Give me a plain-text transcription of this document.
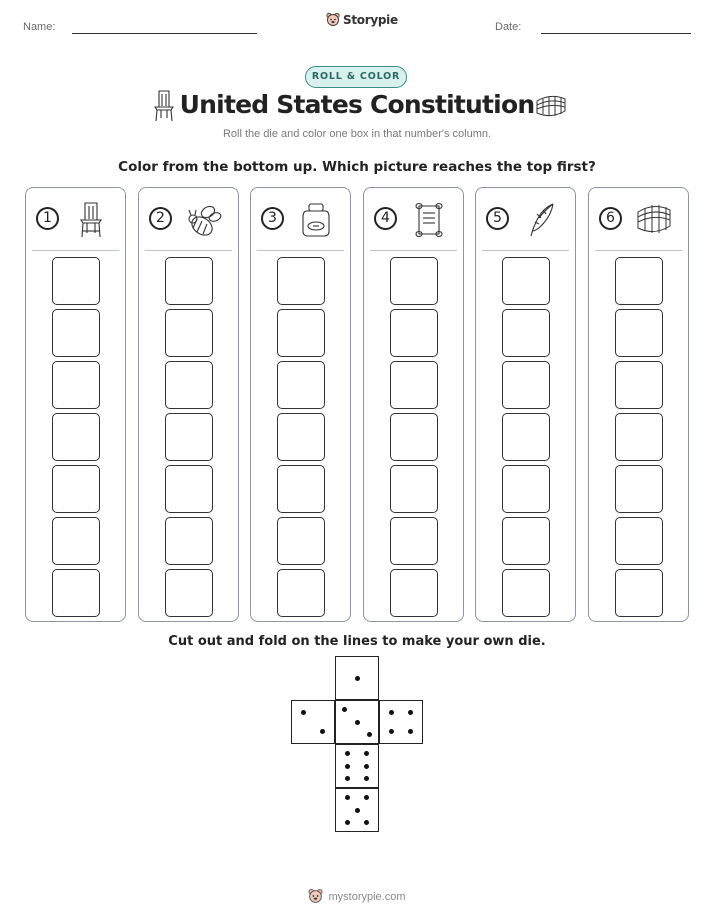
Name:	Storypie	Date:
ROLL & COLOR
United States Constitution
Roll the die and color one box in that number's column.
Color from the bottom up. Which picture reaches the top first?
1	2	3	4	5	6
Cut out and fold on the lines to make your own die.
mystorypie.com
